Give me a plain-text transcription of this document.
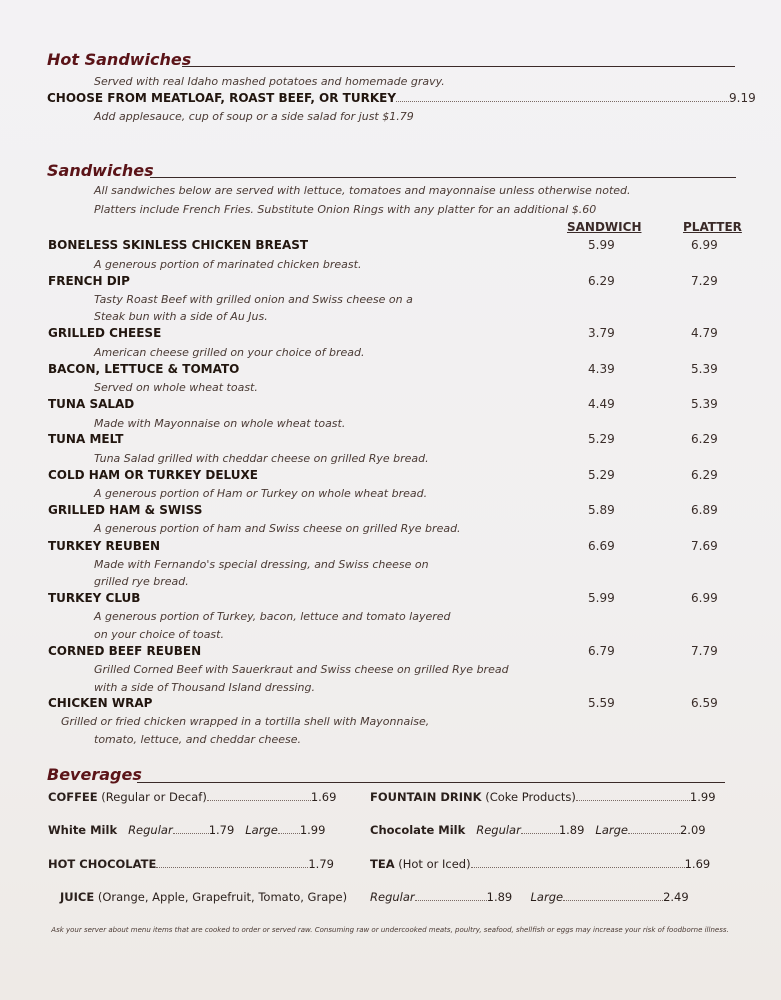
Hot Sandwiches
Served with real Idaho mashed potatoes and homemade gravy.
CHOOSE FROM MEATLOAF, ROAST BEEF, OR TURKEY	9.19
Add applesauce, cup of soup or a side salad for just $1.79
Sandwiches
All sandwiches below are served with lettuce, tomatoes and mayonnaise unless otherwise noted.
Platters include French Fries. Substitute Onion Rings with any platter for an additional $.60
SANDWICH	PLATTER
BONELESS SKINLESS CHICKEN BREAST	5.99	6.99
A generous portion of marinated chicken breast.
FRENCH DIP	6.29	7.29
Tasty Roast Beef with grilled onion and Swiss cheese on a
Steak bun with a side of Au Jus.
GRILLED CHEESE	3.79	4.79
American cheese grilled on your choice of bread.
BACON, LETTUCE & TOMATO	4.39	5.39
Served on whole wheat toast.
TUNA SALAD	4.49	5.39
Made with Mayonnaise on whole wheat toast.
TUNA MELT	5.29	6.29
Tuna Salad grilled with cheddar cheese on grilled Rye bread.
COLD HAM OR TURKEY DELUXE	5.29	6.29
A generous portion of Ham or Turkey on whole wheat bread.
GRILLED HAM & SWISS	5.89	6.89
A generous portion of ham and Swiss cheese on grilled Rye bread.
TURKEY REUBEN	6.69	7.69
Made with Fernando's special dressing, and Swiss cheese on
grilled rye bread.
TURKEY CLUB	5.99	6.99
A generous portion of Turkey, bacon, lettuce and tomato layered
on your choice of toast.
CORNED BEEF REUBEN	6.79	7.79
Grilled Corned Beef with Sauerkraut and Swiss cheese on grilled Rye bread
with a side of Thousand Island dressing.
CHICKEN WRAP	5.59	6.59
Grilled or fried chicken wrapped in a tortilla shell with Mayonnaise,
tomato, lettuce, and cheddar cheese.
Beverages
COFFEE (Regular or Decaf)	1.69	FOUNTAIN DRINK (Coke Products)	1.99
White Milk Regular	1.79 Large 1.99	Chocolate Milk Regular	1.89 Large	2.09
HOT CHOCOLATE	1.79	TEA (Hot or Iced)	1.69
JUICE (Orange, Apple, Grapefruit, Tomato, Grape) Regular	1.89 Large	2.49
Ask your server about menu items that are cooked to order or served raw. Consuming raw or undercooked meats, poultry, seafood, shellfish or eggs may increase your risk of foodborne illness.
